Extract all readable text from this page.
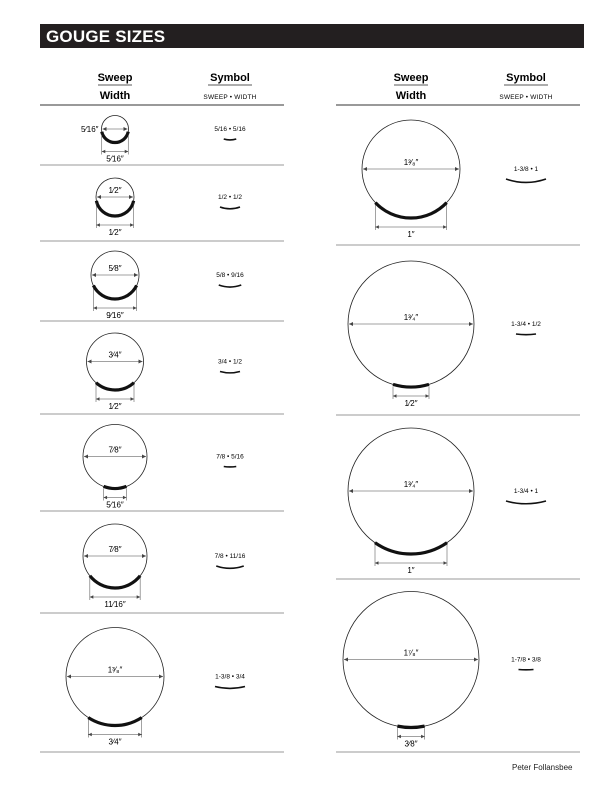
GOUGE SIZES
Sweep
Width
Symbol
SWEEP • WIDTH
Sweep
Width
Symbol
SWEEP • WIDTH
5⁄16″
5⁄16″
5/16 • 5/16
1⁄2″
1⁄2″
1/2 • 1/2
5⁄8″
9⁄16″
5/8 • 9/16
3⁄4″
1⁄2″
3/4 • 1/2
7⁄8″
5⁄16″
7/8 • 5/16
7⁄8″
11⁄16″
7/8 • 11/16
1³⁄₈″
3⁄4″
1-3/8 • 3/4
1³⁄₈″
1″
1-3/8 • 1
1³⁄₄″
1⁄2″
1-3/4 • 1/2
1³⁄₄″
1″
1-3/4 • 1
1⁷⁄₈″
3⁄8″
1-7/8 • 3/8
Peter Follansbee
